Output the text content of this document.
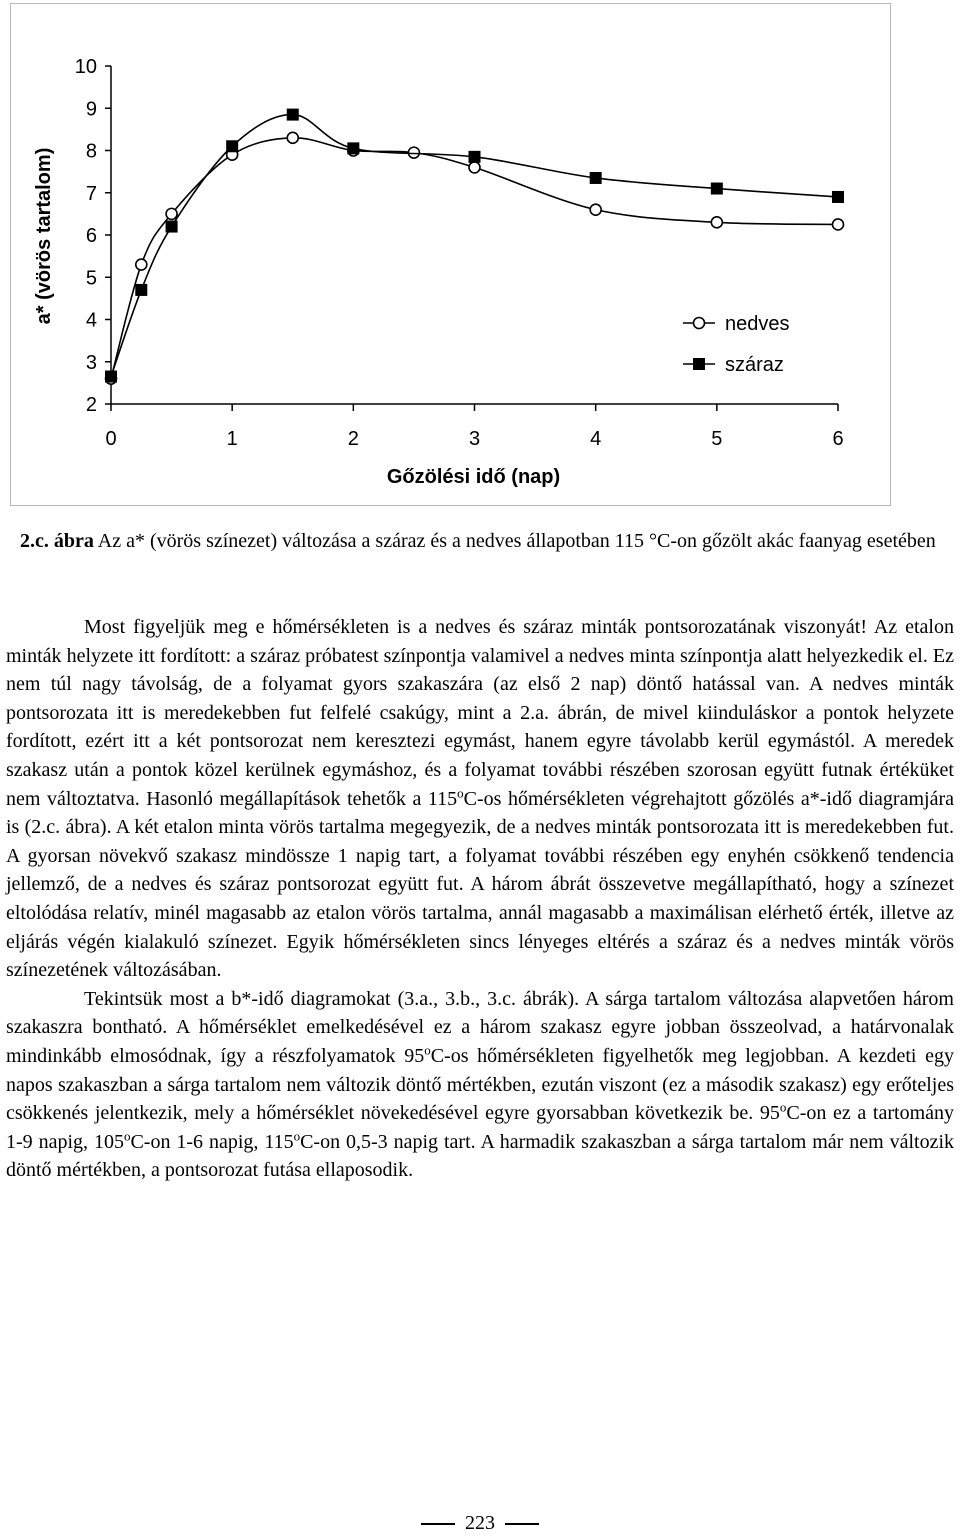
2
3
4
5
6
7
8
9
10
0	1	2	3	4	5	6
Gőzölési idő (nap)
a* (vörös tartalom)	nedves
száraz
2.c. ábra Az a* (vörös színezet) változása a száraz és a nedves állapotban 115 °C-on gőzölt akác faanyag esetében

Most figyeljük meg e hőmérsékleten is a nedves és száraz minták pontsorozatának viszonyát! Az etalon minták helyzete itt fordított: a száraz próbatest színpontja valamivel a nedves minta színpontja alatt helyezkedik el. Ez nem túl nagy távolság, de a folyamat gyors szakaszára (az első 2 nap) döntő hatással van. A nedves minták pontsorozata itt is meredekebben fut felfelé csakúgy, mint a 2.a. ábrán, de mivel kiinduláskor a pontok helyzete fordított, ezért itt a két pontsorozat nem keresztezi egymást, hanem egyre távolabb kerül egymástól. A meredek szakasz után a pontok közel kerülnek egymáshoz, és a folyamat további részében szorosan együtt futnak értéküket nem változtatva. Hasonló megállapítások tehetők a 115$^o$C-os hőmérsékleten végrehajtott gőzölés a*-idő diagramjára is (2.c. ábra). A két etalon minta vörös tartalma megegyezik, de a nedves minták pontsorozata itt is meredekebben fut. A gyorsan növekvő szakasz mindössze 1 napig tart, a folyamat további részében egy enyhén csökkenő tendencia jellemző, de a nedves és száraz pontsorozat együtt fut. A három ábrát összevetve megállapítható, hogy a színezet eltolódása relatív, minél magasabb az etalon vörös tartalma, annál magasabb a maximálisan elérhető érték, illetve az eljárás végén kialakuló színezet. Egyik hőmérsékleten sincs lényeges eltérés a száraz és a nedves minták vörös színezetének változásában.

Tekintsük most a b*-idő diagramokat (3.a., 3.b., 3.c. ábrák). A sárga tartalom változása alapvetően három szakaszra bontható. A hőmérséklet emelkedésével ez a három szakasz egyre jobban összeolvad, a határvonalak mindinkább elmosódnak, így a részfolyamatok 95$^o$C-os hőmérsékleten figyelhetők meg legjobban. A kezdeti egy napos szakaszban a sárga tartalom nem változik döntő mértékben, ezután viszont (ez a második szakasz) egy erőteljes csökkenés jelentkezik, mely a hőmérséklet növekedésével egyre gyorsabban következik be. 95$^o$C-on ez a tartomány 1-9 napig, 105$^o$C-on 1-6 napig, 115$^o$C-on 0,5-3 napig tart. A harmadik szakaszban a sárga tartalom már nem változik döntő mértékben, a pontsorozat futása ellaposodik.

223
